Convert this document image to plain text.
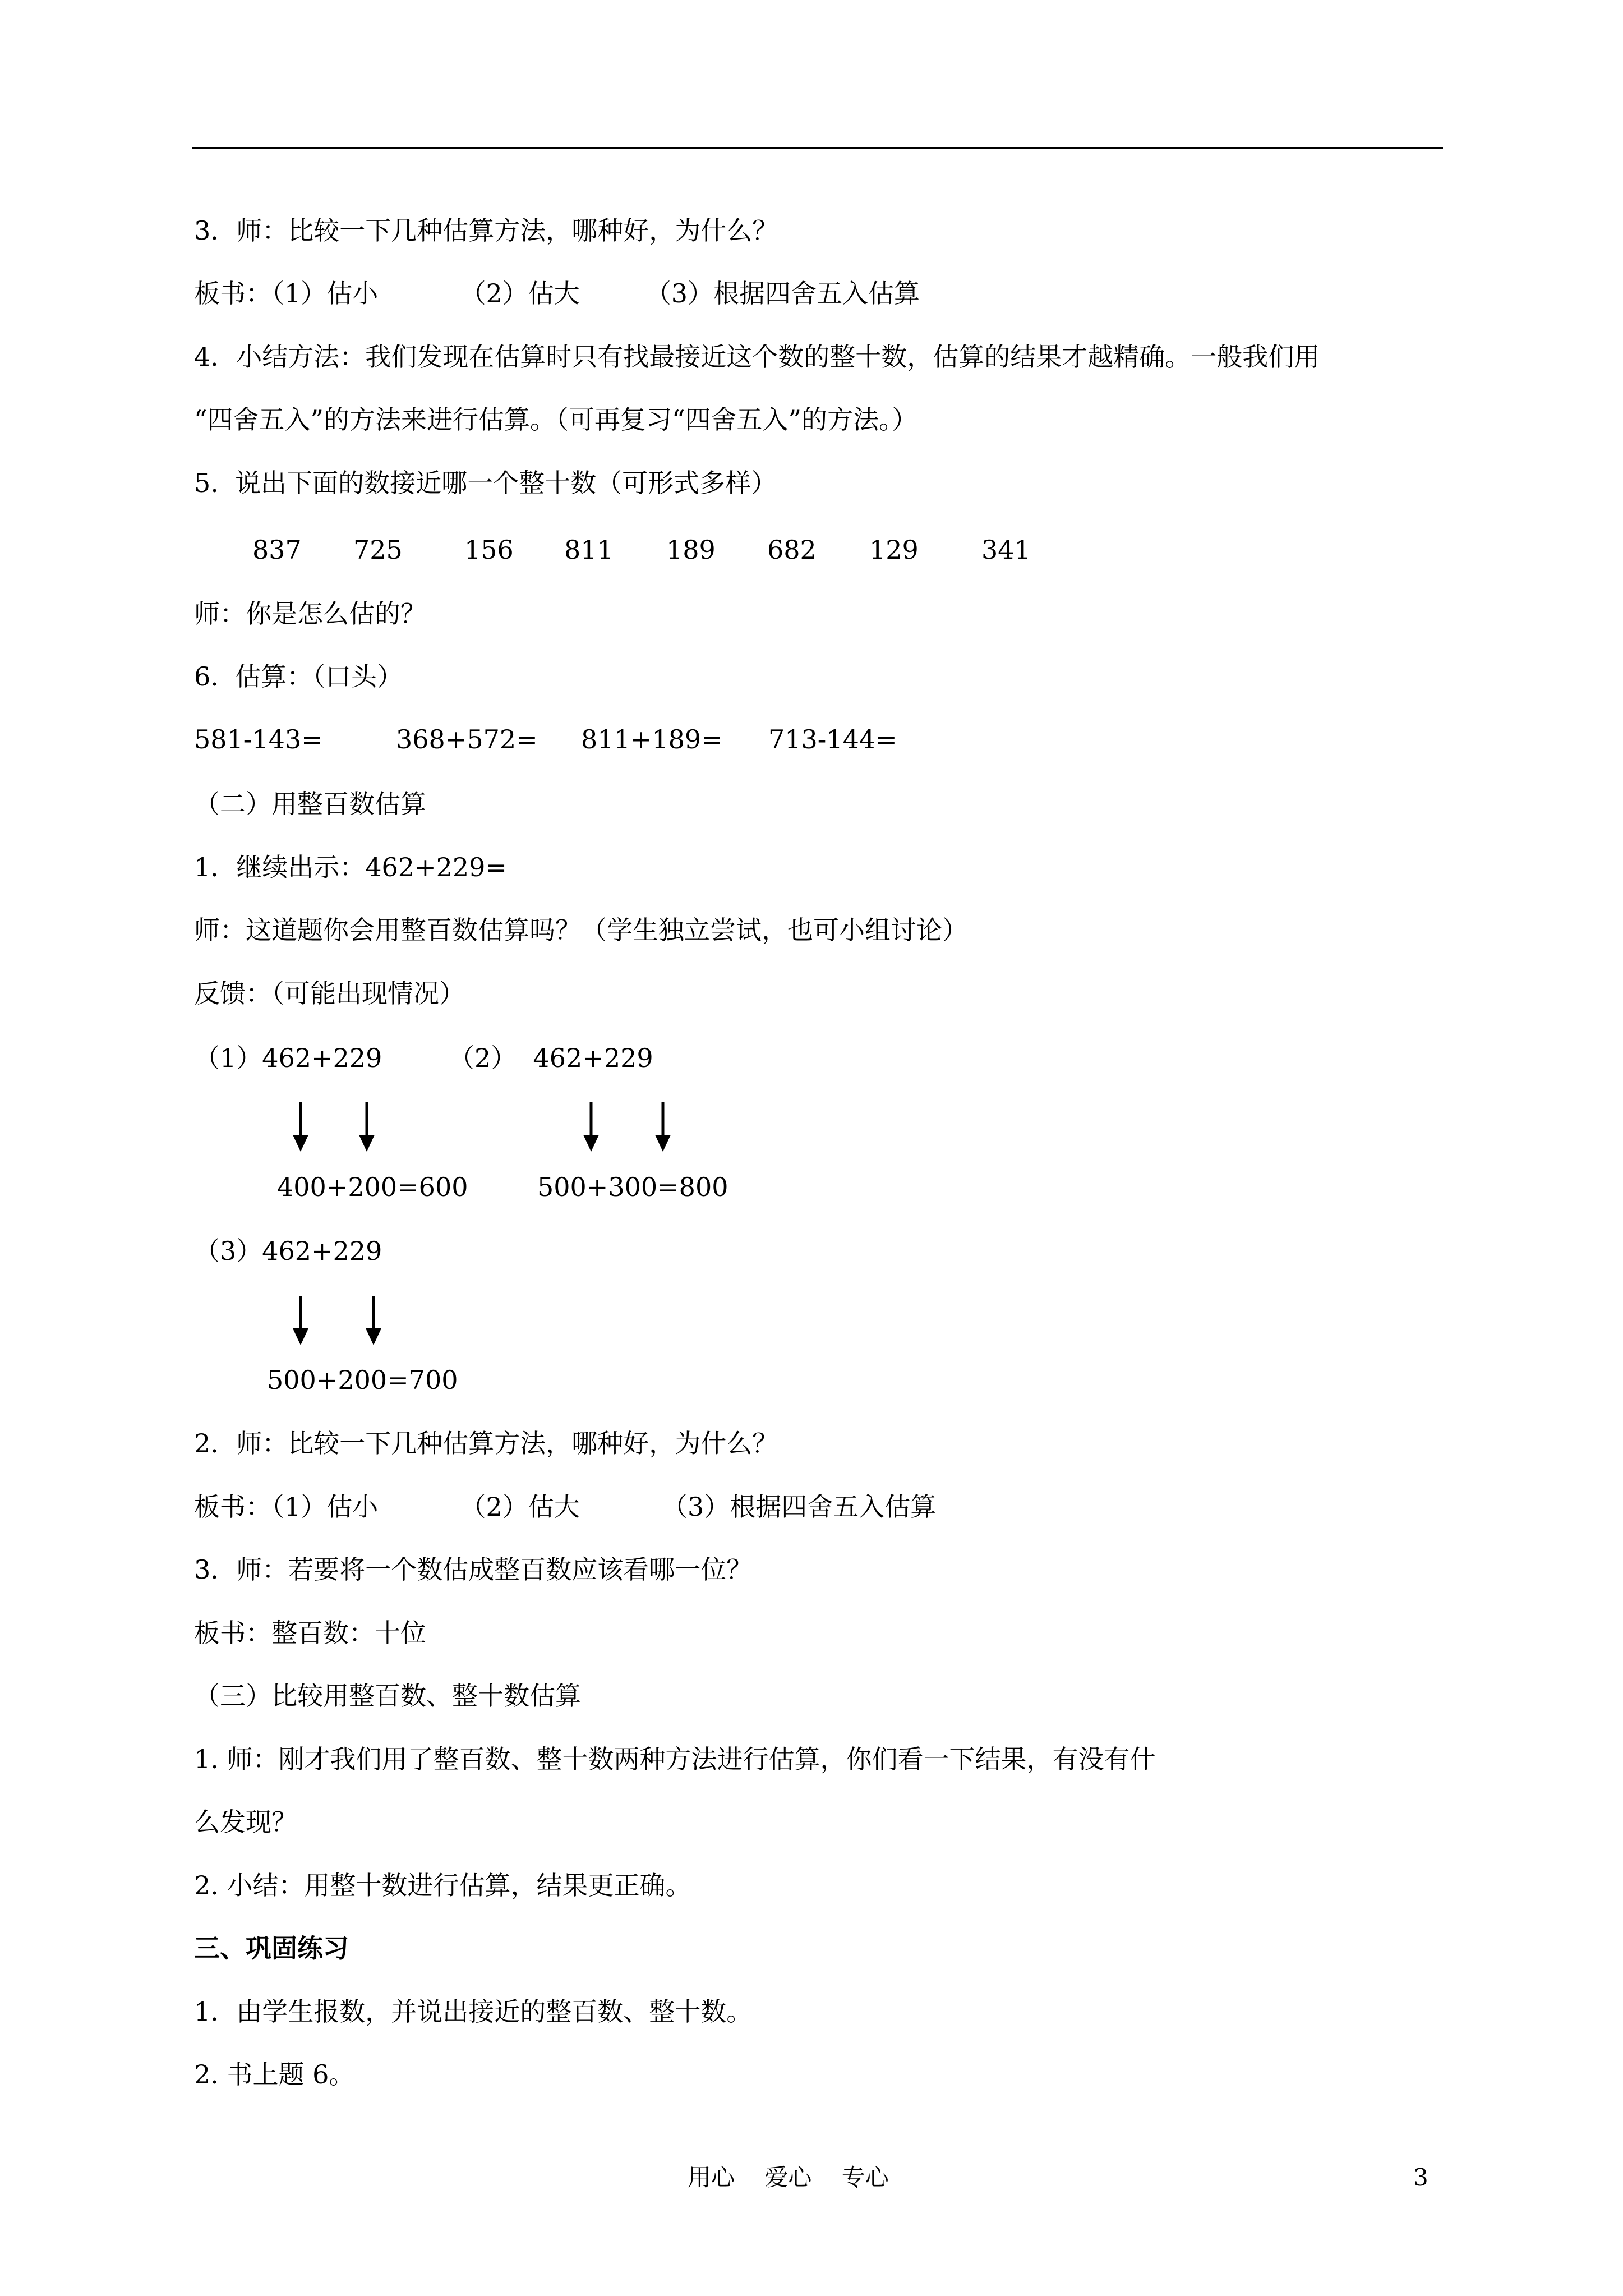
3．师：比较一下几种估算方法，哪种好，为什么？
板书：（1）估小          （2）估大        （3）根据四舍五入估算
4．小结方法：我们发现在估算时只有找最接近这个数的整十数，估算的结果才越精确。一般我们用
“四舍五入”的方法来进行估算。（可再复习“四舍五入”的方法。）
5.  说出下面的数接近哪一个整十数（可形式多样）
837 725 156 811 189 682 129 341
师：你是怎么估的？
6.  估算：（口头）
581-143=	368+572= 811+189= 713-144=
（二）用整百数估算
1．继续出示：462+229=
师：这道题你会用整百数估算吗？（学生独立尝试，也可小组讨论）
反馈：（可能出现情况）
（1）462+229	（2）  462+229
400+200=600	500+300=800
（3）462+229
500+200=700
2．师：比较一下几种估算方法，哪种好，为什么？
板书：（1）估小          （2）估大          （3）根据四舍五入估算
3．师：若要将一个数估成整百数应该看哪一位？
板书：整百数：十位
（三）比较用整百数、整十数估算
1. 师：刚才我们用了整百数、整十数两种方法进行估算，你们看一下结果，有没有什
么发现？
2. 小结：用整十数进行估算，结果更正确。
三、巩固练习
1．由学生报数，并说出接近的整百数、整十数。
2. 书上题 6。
用心    爱心    专心	3
